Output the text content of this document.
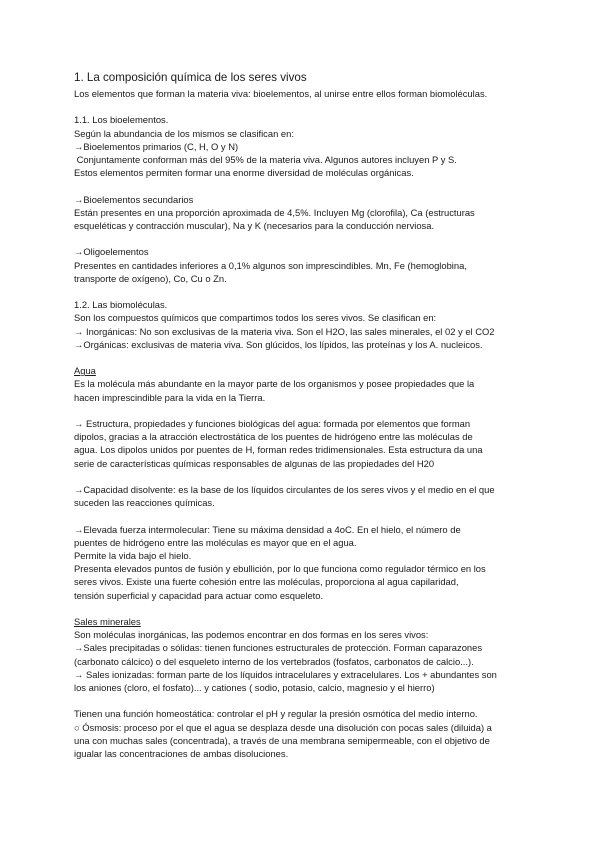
1. La composición química de los seres vivos

Los elementos que forman la materia viva: bioelementos, al unirse entre ellos forman biomoléculas.

1.1. Los bioelementos.

Según la abundancia de los mismos se clasifican en:

→Bioelementos primarios (C, H, O y N)

Conjuntamente conforman más del 95% de la materia viva. Algunos autores incluyen P y S.

Estos elementos permiten formar una enorme diversidad de moléculas orgánicas.

→Bioelementos secundarios

Están presentes en una proporción aproximada de 4,5%. Incluyen Mg (clorofila), Ca (estructuras

esqueléticas y contracción muscular), Na y K (necesarios para la conducción nerviosa.

→Oligoelementos

Presentes en cantidades inferiores a 0,1% algunos son imprescindibles. Mn, Fe (hemoglobina,

transporte de oxígeno), Co, Cu o Zn.

1.2. Las biomoléculas.

Son los compuestos químicos que compartimos todos los seres vivos. Se clasifican en:

→ Inorgánicas: No son exclusivas de la materia viva. Son el H2O, las sales minerales, el 02 y el CO2

→Orgánicas: exclusivas de materia viva. Son glúcidos, los lípidos, las proteínas y los A. nucleicos.

Agua

Es la molécula más abundante en la mayor parte de los organismos y posee propiedades que la

hacen imprescindible para la vida en la Tierra.

→ Estructura, propiedades y funciones biológicas del agua: formada por elementos que forman

dipolos, gracias a la atracción electrostática de los puentes de hidrógeno entre las moléculas de

agua. Los dipolos unidos por puentes de H, forman redes tridimensionales. Esta estructura da una

serie de características químicas responsables de algunas de las propiedades del H20

→Capacidad disolvente: es la base de los líquidos circulantes de los seres vivos y el medio en el que

suceden las reacciones químicas.

→Elevada fuerza intermolecular: Tiene su máxima densidad a 4oC. En el hielo, el número de

puentes de hidrógeno entre las moléculas es mayor que en el agua.

Permite la vida bajo el hielo.

Presenta elevados puntos de fusión y ebullición, por lo que funciona como regulador térmico en los

seres vivos. Existe una fuerte cohesión entre las moléculas, proporciona al agua capilaridad,

tensión superficial y capacidad para actuar como esqueleto.

Sales minerales

Son moléculas inorgánicas, las podemos encontrar en dos formas en los seres vivos:

→Sales precipitadas o sólidas: tienen funciones estructurales de protección. Forman caparazones

(carbonato cálcico) o del esqueleto interno de los vertebrados (fosfatos, carbonatos de calcio...).

→ Sales ionizadas: forman parte de los líquidos intracelulares y extracelulares. Los + abundantes son

los aniones (cloro, el fosfato)... y cationes ( sodio, potasio, calcio, magnesio y el hierro)

Tienen una función homeostática: controlar el pH y regular la presión osmótica del medio interno.

○ Ósmosis: proceso por el que el agua se desplaza desde una disolución con pocas sales (diluida) a

una con muchas sales (concentrada), a través de una membrana semipermeable, con el objetivo de

igualar las concentraciones de ambas disoluciones.
